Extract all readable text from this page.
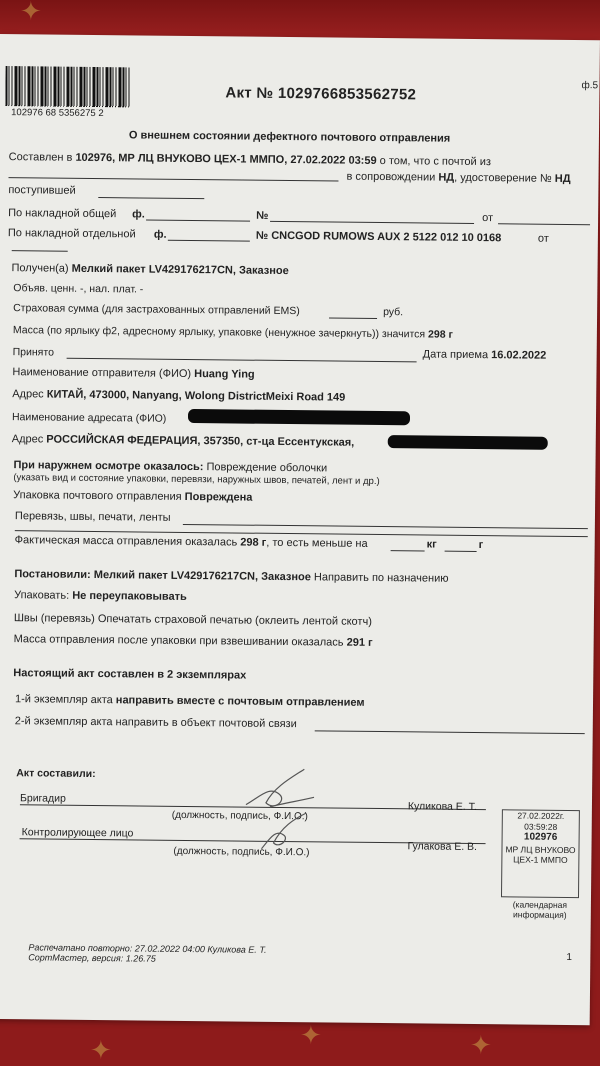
✦
✦
✦	✦
102976 68 5356275 2
Акт № 1029766853562752	ф.5
О внешнем состоянии дефектного почтового отправления
Составлен в 102976, МР ЛЦ ВНУКОВО ЦЕХ-1 ММПО, 27.02.2022 03:59 о том, что с почтой из
в сопровождении НД, удостоверение № НД
поступившей
По накладной общей ф.	№	от
По накладной отдельной ф.	№ CNCGOD RUMOWS AUX 2 5122 012 10 0168	от
Получен(а) Мелкий пакет LV429176217CN, Заказное
Объяв. ценн. -, нал. плат. -
Страховая сумма (для застрахованных отправлений EMS)	руб.
Масса (по ярлыку ф2, адресному ярлыку, упаковке (ненужное зачеркнуть)) значится 298 г
Принято	Дата приема 16.02.2022
Наименование отправителя (ФИО) Huang Ying
Адрес КИТАЙ, 473000, Nanyang, Wolong DistrictMeixi Road 149
Наименование адресата (ФИО)
Адрес РОССИЙСКАЯ ФЕДЕРАЦИЯ, 357350, ст-ца Ессентукская,
При наружнем осмотре оказалось: Повреждение оболочки
(указать вид и состояние упаковки, перевязи, наружных швов, печатей, лент и др.)
Упаковка почтового отправления Повреждена
Перевязь, швы, печати, ленты
Фактическая масса отправления оказалась 298 г, то есть меньше на	кг	г
Постановили: Мелкий пакет LV429176217CN, Заказное Направить по назначению
Упаковать: Не переупаковывать
Швы (перевязь) Опечатать страховой печатью (оклеить лентой скотч)
Масса отправления после упаковки при взвешивании оказалась 291 г
Настоящий акт составлен в 2 экземплярах
1-й экземпляр акта направить вместе с почтовым отправлением
2-й экземпляр акта направить в объект почтовой связи
Акт составили:
Бригадир
Куликова Е. Т.
(должность, подпись, Ф.И.О.)
Контролирующее лицо
Гулакова Е. В.
(должность, подпись, Ф.И.О.)
27.02.2022г.
03:59:28
102976
МР ЛЦ ВНУКОВО
ЦЕХ-1 ММПО
(календарная информация)
Распечатано повторно: 27.02.2022 04:00 Куликова Е. Т.
СортМастер, версия: 1.26.75	1
